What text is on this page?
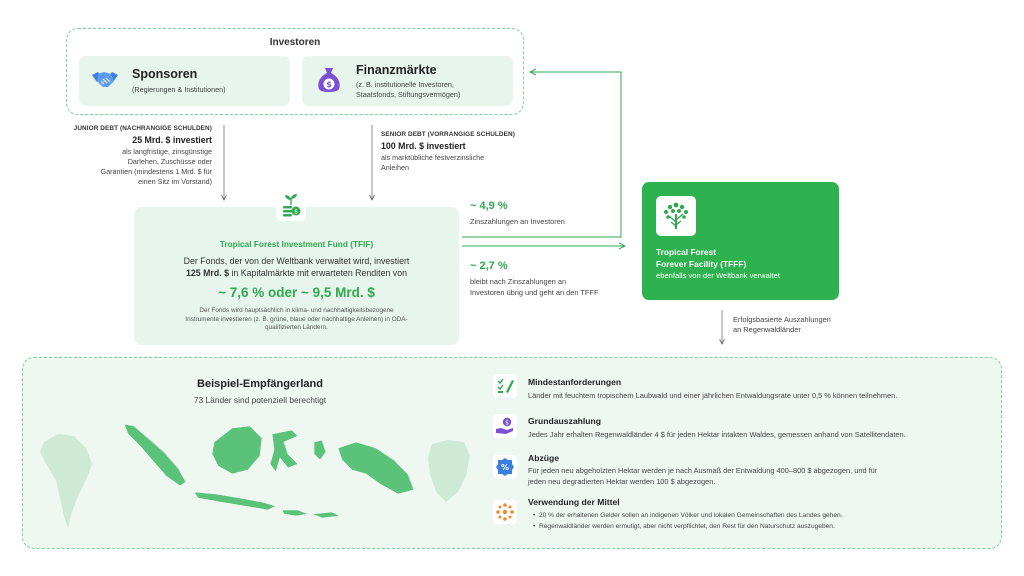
Investoren
Sponsoren
(Regierungen & Institutionen)
$
Finanzmärkte
(z. B. institutionelle Investoren,
Staatsfonds, Stiftungsvermögen)
JUNIOR DEBT (NACHRANGIGE SCHULDEN)
25 Mrd. $ investiert
als langfristige, zinsgünstige
Darlehen, Zuschüsse oder
Garantien (mindestens 1 Mrd. $ für
einen Sitz im Vorstand)
SENIOR DEBT (VORRANGIGE SCHULDEN)
100 Mrd. $ investiert
als marktübliche festverzinsliche
Anleihen
Tropical Forest Investment Fund (TFIF)
Der Fonds, der von der Weltbank verwaltet wird, investiert
125 Mrd. $ in Kapitalmärkte mit erwarteten Renditen von
~ 7,6 % oder ~ 9,5 Mrd. $
Der Fonds wird hauptsächlich in klima- und nachhaltigkeitsbezogene
Instrumente investieren (z. B. grüne, blaue oder nachhaltige Anleihen) in ODA-
qualifizierten Ländern.
$	~ 4,9 %
Zinszahlungen an Investoren
~ 2,7 %
bleibt nach Zinszahlungen an
Investoren übrig und geht an den TFFF
Tropical Forest
Forever Facility (TFFF)
ebenfalls von der Weltbank verwaltet
Erfolgsbasierte Auszahlungen
an Regenwaldländer
Beispiel-Empfängerland
73 Länder sind potenziell berechtigt
Mindestanforderungen
Länder mit feuchtem tropischem Laubwald und einer jährlichen Entwaldungsrate unter 0,5 % können teilnehmen.
$ Grundauszahlung
Jedes Jahr erhalten Regenwaldländer 4 $ für jeden Hektar intakten Waldes, gemessen anhand von Satellitendaten.
%
Abzüge
Für jeden neu abgeholzten Hektar werden je nach Ausmaß der Entwaldung 400–800 $ abgezogen, und für
jeden neu degradierten Hektar werden 100 $ abgezogen.
Verwendung der Mittel
•  20 % der erhaltenen Gelder sollen an indigenen Völker und lokalen Gemeinschaften des Landes gehen.
•  Regenwaldländer werden ermutigt, aber nicht verpflichtet, den Rest für den Naturschutz auszugeben.
